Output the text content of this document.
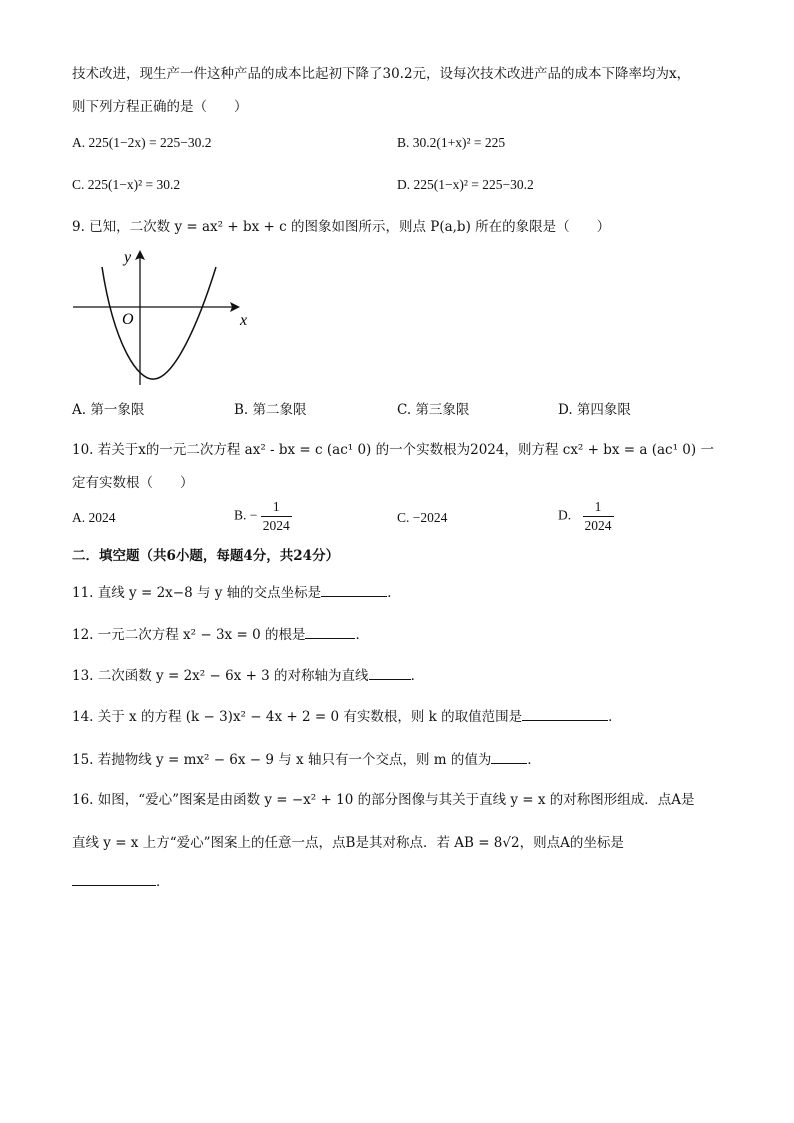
技术改进，现生产一件这种产品的成本比起初下降了30.2元，设每次技术改进产品的成本下降率均为x，
则下列方程正确的是（　　）
A. 225(1−2x) = 225−30.2	B. 30.2(1+x)² = 225
C. 225(1−x)² = 30.2	D. 225(1−x)² = 225−30.2
9. 已知，二次数 y = ax² + bx + c 的图象如图所示，则点 P(a,b) 所在的象限是（　　）
y
x
O
A. 第一象限	B. 第二象限	C. 第三象限	D. 第四象限
10. 若关于x的一元二次方程 ax² - bx = c (ac¹ 0) 的一个实数根为2024，则方程 cx² + bx = a (ac¹ 0) 一
定有实数根（　　）
A. 2024	B. − $\frac{1}{2024}$	C. −2024	D. $\frac{1}{2024}$
二．填空题（共6小题，每题4分，共24分）
11. 直线 y = 2x−8 与 y 轴的交点坐标是	．
12. 一元二次方程 x² − 3x = 0 的根是	．
13. 二次函数 y = 2x² − 6x + 3 的对称轴为直线	．
14. 关于 x 的方程 (k − 3)x² − 4x + 2 = 0 有实数根，则 k 的取值范围是	．
15. 若抛物线 y = mx² − 6x − 9 与 x 轴只有一个交点，则 m 的值为	．
16. 如图，“爱心”图案是由函数 y = −x² + 10 的部分图像与其关于直线 y = x 的对称图形组成．点A是
直线 y = x 上方“爱心”图案上的任意一点，点B是其对称点．若 AB = 8√2，则点A的坐标是
．
